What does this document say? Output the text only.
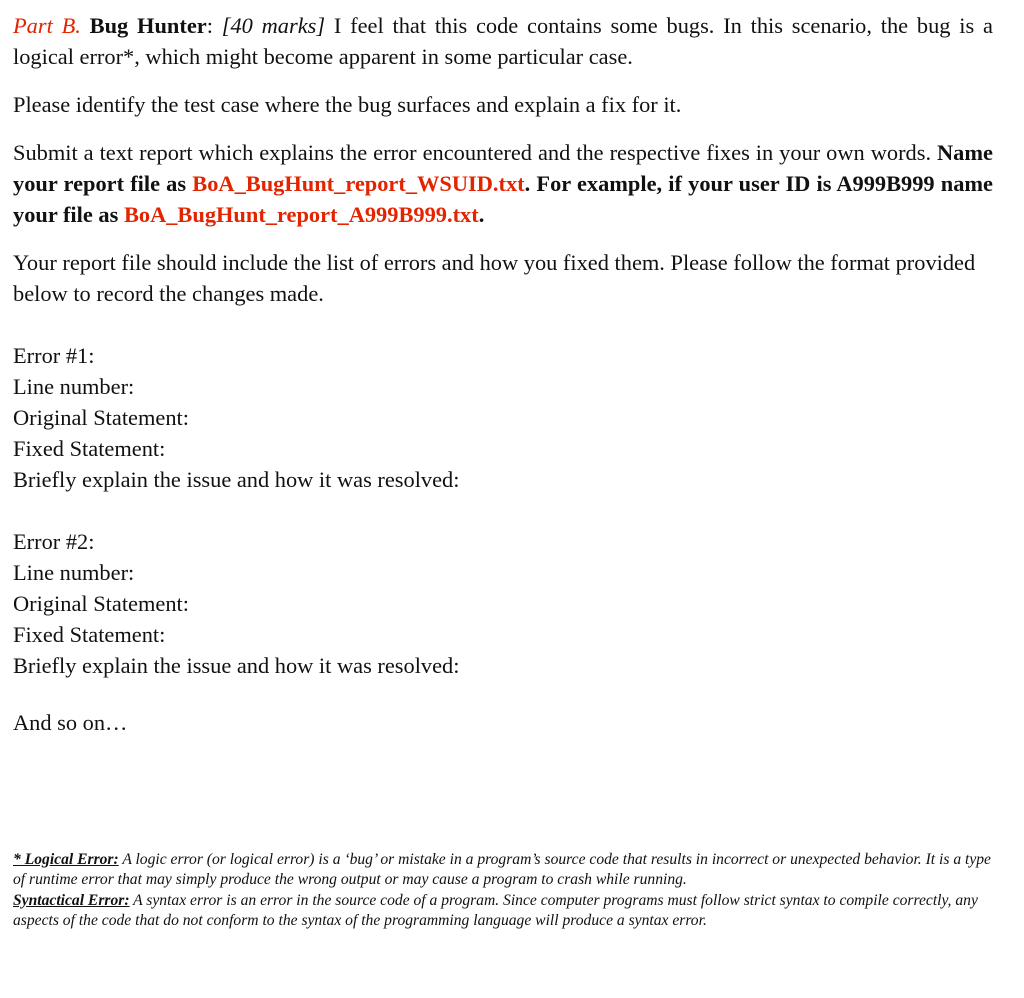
Part B. Bug Hunter: [40 marks] I feel that this code contains some bugs. In this scenario, the bug is a logical error*, which might become apparent in some particular case.

Please identify the test case where the bug surfaces and explain a fix for it.

Submit a text report which explains the error encountered and the respective fixes in your own words. Name your report file as BoA_BugHunt_report_WSUID.txt. For example, if your user ID is A999B999 name your file as BoA_BugHunt_report_A999B999.txt.

Your report file should include the list of errors and how you fixed them. Please follow the format provided below to record the changes made.

Error #1:
Line number:
Original Statement:
Fixed Statement:
Briefly explain the issue and how it was resolved:
Error #2:
Line number:
Original Statement:
Fixed Statement:
Briefly explain the issue and how it was resolved:

And so on…

* Logical Error: A logic error (or logical error) is a ‘bug’ or mistake in a program’s source code that results in incorrect or unexpected behavior. It is a type of runtime error that may simply produce the wrong output or may cause a program to crash while running.

Syntactical Error: A syntax error is an error in the source code of a program. Since computer programs must follow strict syntax to compile correctly, any aspects of the code that do not conform to the syntax of the programming language will produce a syntax error.
